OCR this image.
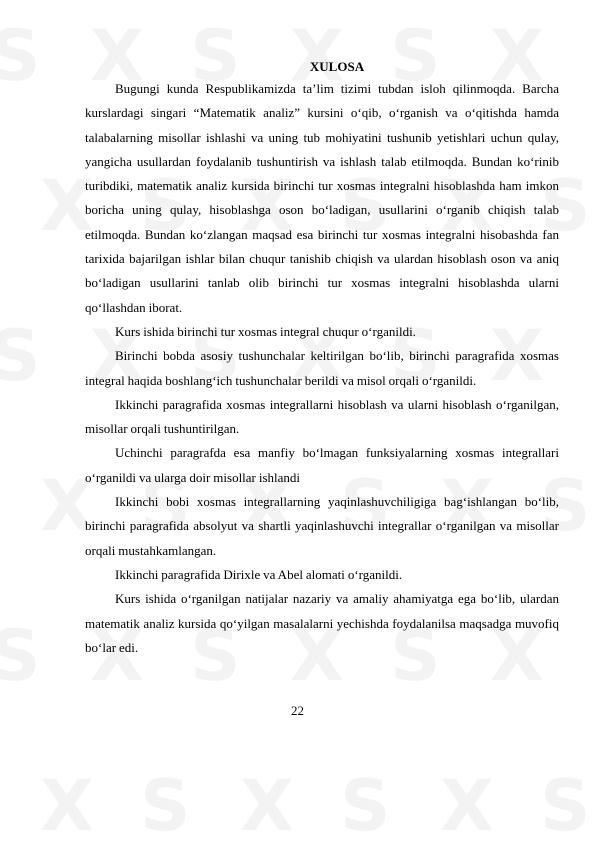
XULOSA

Bugungi kunda Respublikamizda ta’lim tizimi tubdan isloh qilinmoqda. Barcha kurslardagi singari “Matematik analiz” kursini o‘qib, o‘rganish va o‘qitishda hamda talabalarning misollar ishlashi va uning tub mohiyatini tushunib yetishlari uchun qulay, yangicha usullardan foydalanib tushuntirish va ishlash talab etilmoqda. Bundan ko‘rinib turibdiki, matematik analiz kursida birinchi tur xosmas integralni hisoblashda ham imkon boricha uning qulay, hisoblashga oson bo‘ladigan, usullarini o‘rganib chiqish talab etilmoqda. Bundan ko‘zlangan maqsad esa birinchi tur xosmas integralni hisobashda fan tarixida bajarilgan ishlar bilan chuqur tanishib chiqish va ulardan hisoblash oson va aniq bo‘ladigan usullarini tanlab olib birinchi tur xosmas integralni hisoblashda ularni qo‘llashdan iborat.

Kurs ishida birinchi tur xosmas integral chuqur o‘rganildi.

Birinchi bobda asosiy tushunchalar keltirilgan bo‘lib, birinchi paragrafida xosmas integral haqida boshlang‘ich tushunchalar berildi va misol orqali o‘rganildi.

Ikkinchi paragrafida xosmas integrallarni hisoblash va ularni hisoblash o‘rganilgan, misollar orqali tushuntirilgan.

Uchinchi paragrafda esa manfiy bo‘lmagan funksiyalarning xosmas integrallari o‘rganildi va ularga doir misollar ishlandi

Ikkinchi bobi xosmas integrallarning yaqinlashuvchiligiga bag‘ishlangan bo‘lib, birinchi paragrafida absolyut va shartli yaqinlashuvchi integrallar o‘rganilgan va misollar orqali mustahkamlangan.

Ikkinchi paragrafida Dirixle va Abel alomati o‘rganildi.

Kurs ishida o‘rganilgan natijalar nazariy va amaliy ahamiyatga ega bo‘lib, ulardan matematik analiz kursida qo‘yilgan masalalarni yechishda foydalanilsa maqsadga muvofiq bo‘lar edi.

22
